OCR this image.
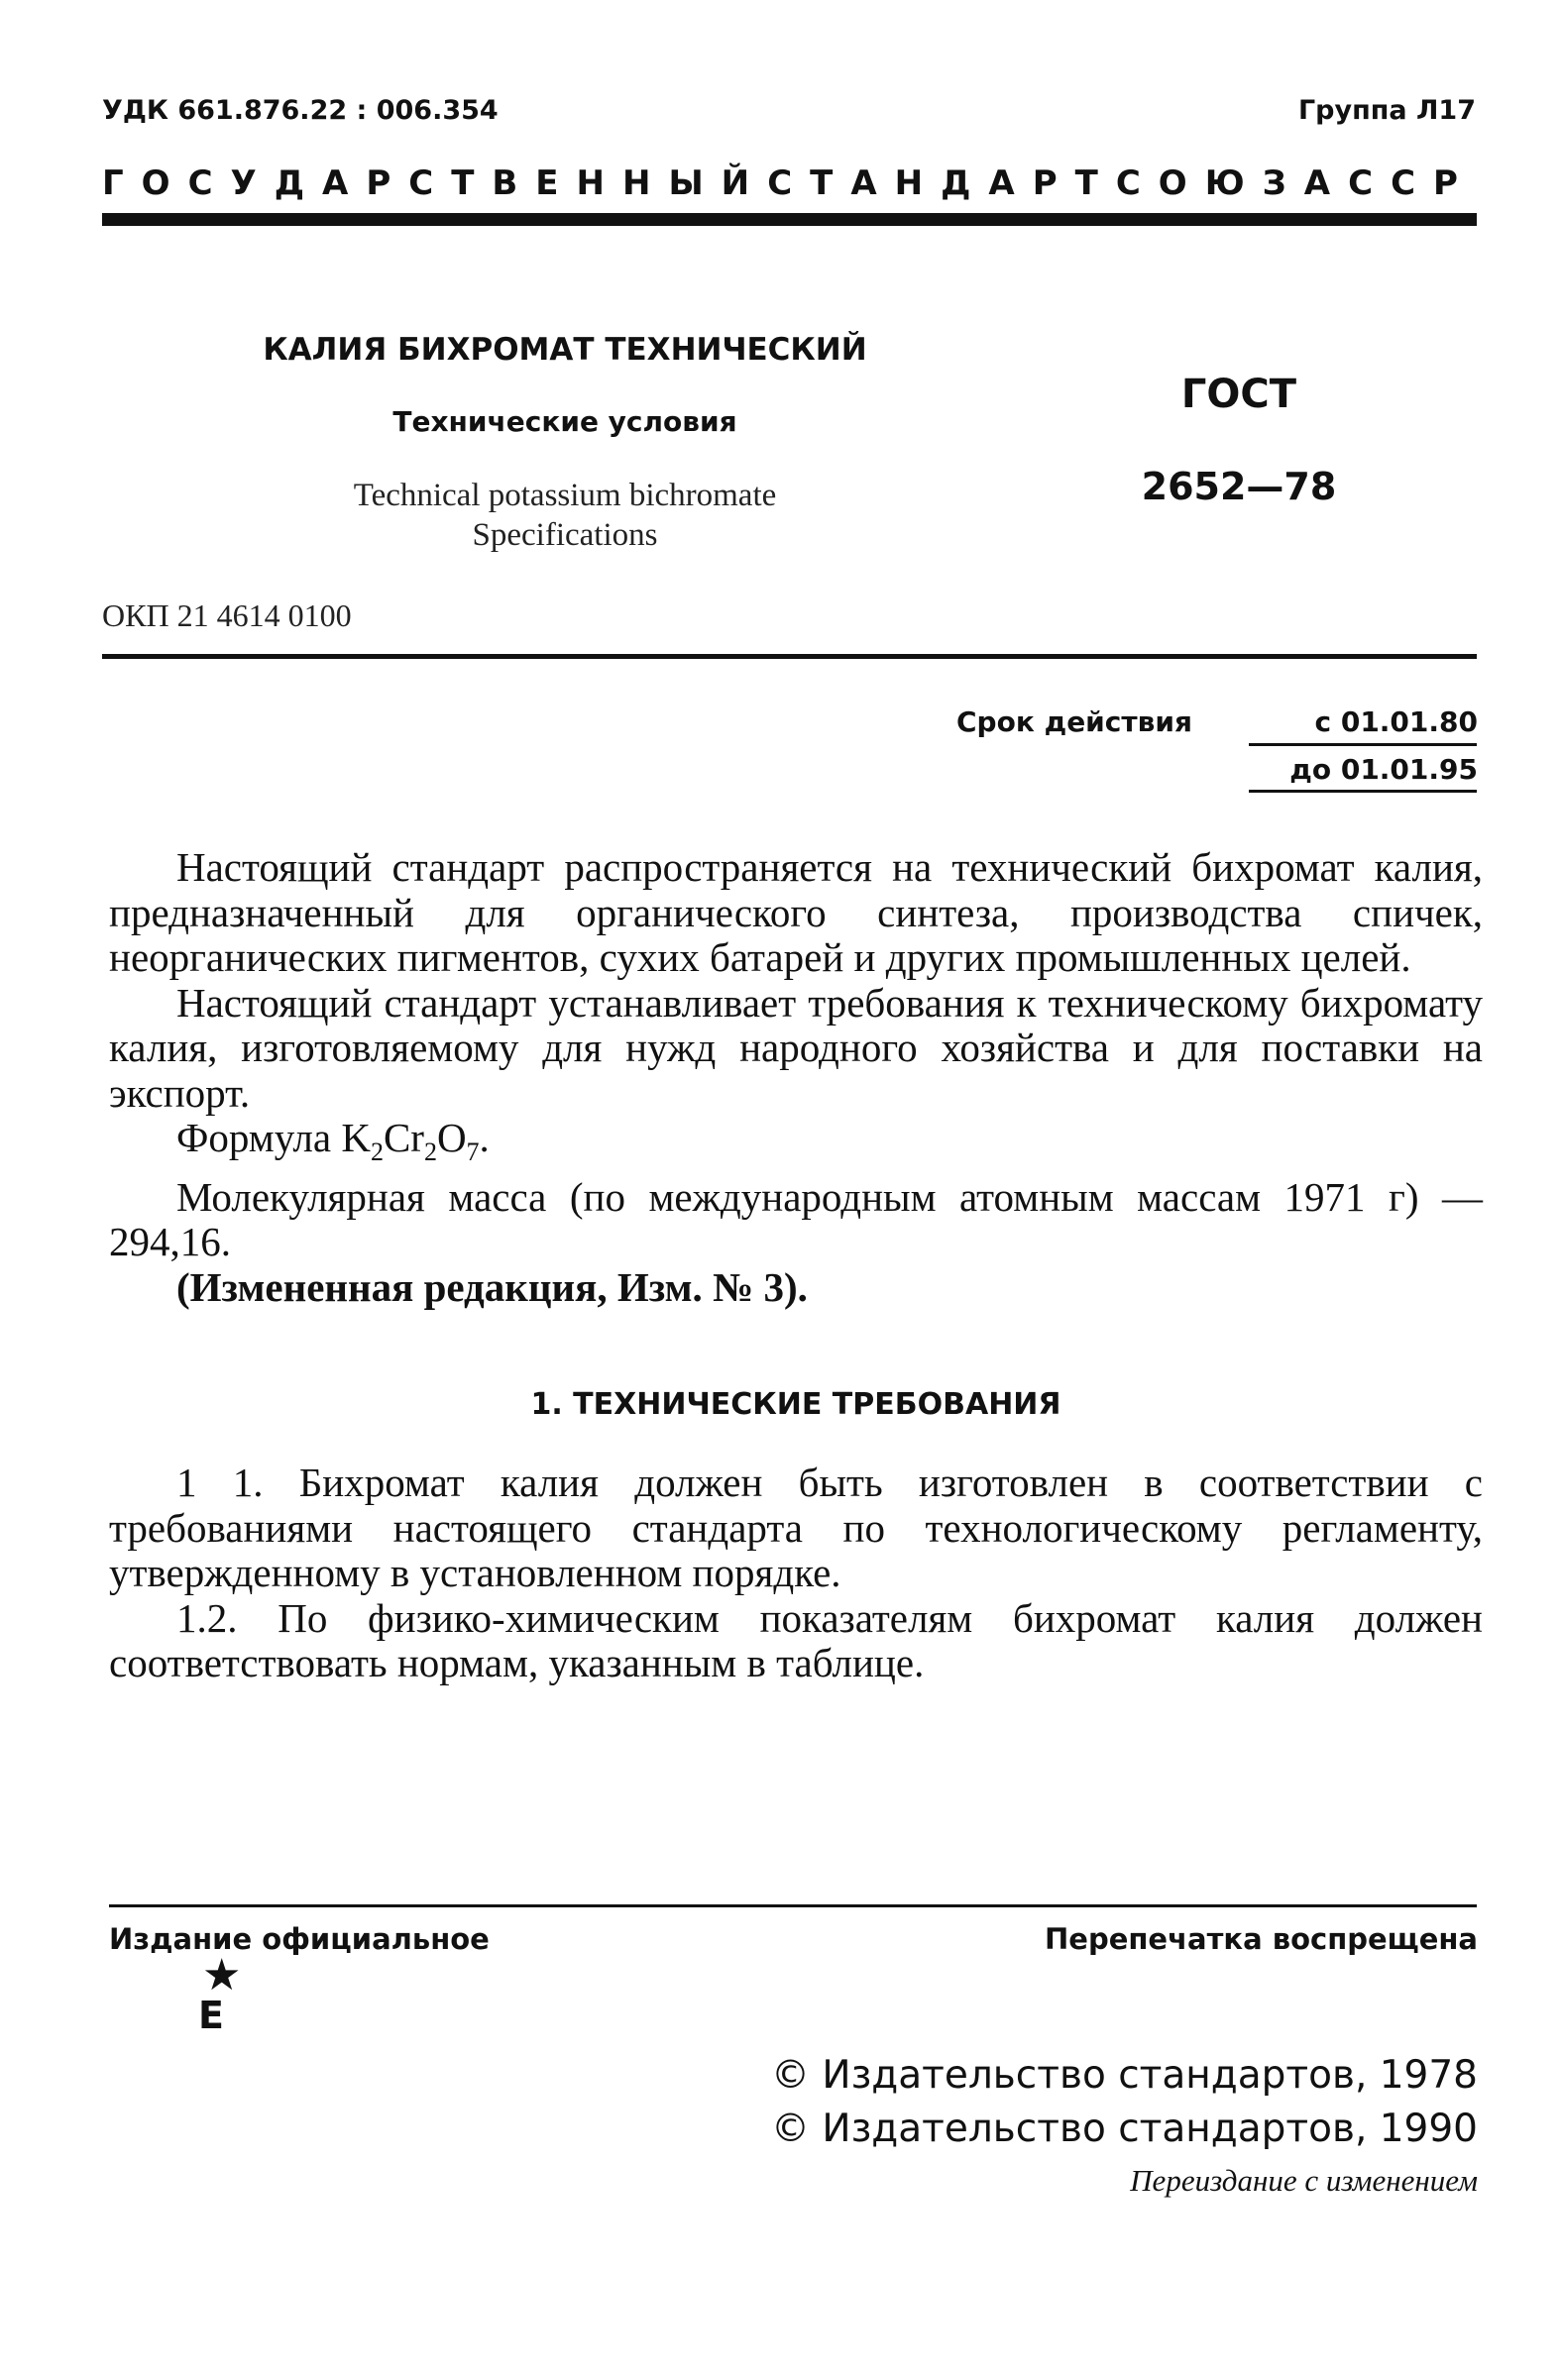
УДК 661.876.22 : 006.354	Группа Л17
ГОСУДАРСТВЕННЫЙ СТАНДАРТ СОЮЗА ССР
КАЛИЯ БИХРОМАТ ТЕХНИЧЕСКИЙ
Технические условия
Technical potassium bichromate
Specifications
ГОСТ
2652—78
ОКП 21 4614 0100
Срок действия	с 01.01.80
до 01.01.95

Настоящий стандарт распространяется на технический бихромат калия, предназначенный для органического синтеза, производства спичек, неорганических пигментов, сухих батарей и других промышленных целей.

Настоящий стандарт устанавливает требования к техническому бихромату калия, изготовляемому для нужд народного хозяйства и для поставки на экспорт.

Формула $K_2Cr_2O_7$.

Молекулярная масса (по международным атомным массам 1971 г) — 294,16.

(Измененная редакция, Изм. № 3).

1. ТЕХНИЧЕСКИЕ ТРЕБОВАНИЯ

1 1. Бихромат калия должен быть изготовлен в соответствии с требованиями настоящего стандарта по технологическому регламенту, утвержденному в установленном порядке.

1.2. По физико-химическим показателям бихромат калия должен соответствовать нормам, указанным в таблице.

Издание официальное	Перепечатка воспрещена
★
Е
© Издательство стандартов, 1978
© Издательство стандартов, 1990
Переиздание с изменением
